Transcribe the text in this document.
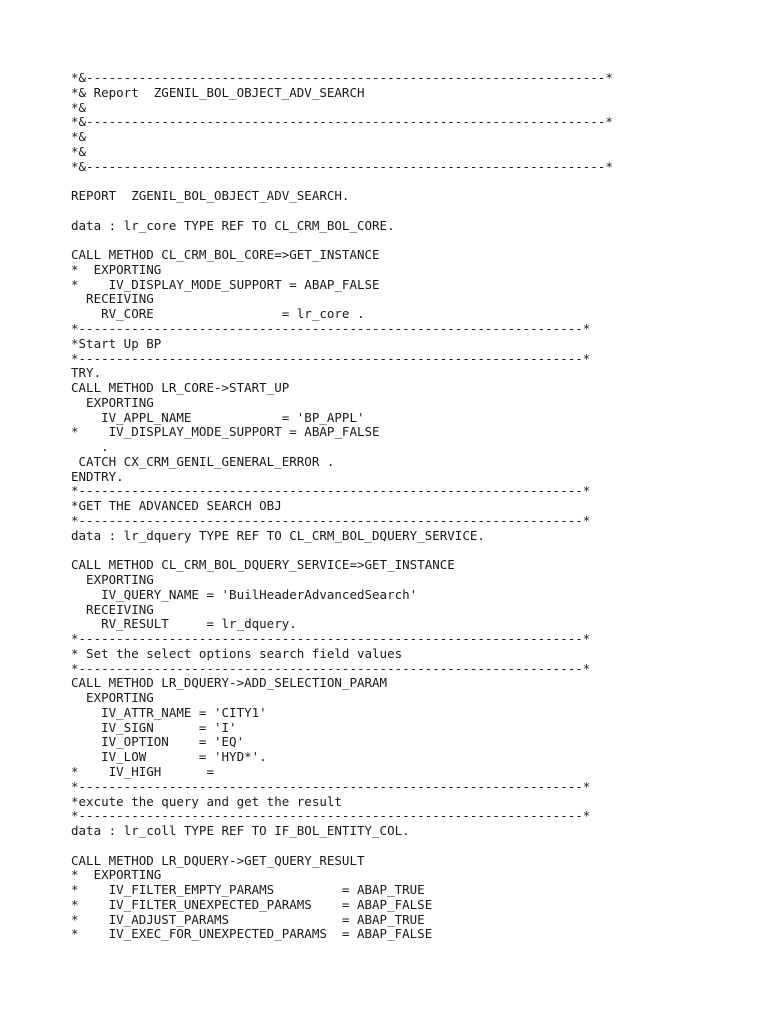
*&---------------------------------------------------------------------*
*& Report  ZGENIL_BOL_OBJECT_ADV_SEARCH
*&
*&---------------------------------------------------------------------*
*&
*&
*&---------------------------------------------------------------------*
REPORT  ZGENIL_BOL_OBJECT_ADV_SEARCH.
data : lr_core TYPE REF TO CL_CRM_BOL_CORE.
CALL METHOD CL_CRM_BOL_CORE=>GET_INSTANCE
*  EXPORTING
*    IV_DISPLAY_MODE_SUPPORT = ABAP_FALSE
RECEIVING
RV_CORE                 = lr_core .
*-------------------------------------------------------------------*
*Start Up BP
*-------------------------------------------------------------------*
TRY.
CALL METHOD LR_CORE->START_UP
EXPORTING
IV_APPL_NAME            = 'BP_APPL'
*    IV_DISPLAY_MODE_SUPPORT = ABAP_FALSE
.
CATCH CX_CRM_GENIL_GENERAL_ERROR .
ENDTRY.
*-------------------------------------------------------------------*
*GET THE ADVANCED SEARCH OBJ
*-------------------------------------------------------------------*
data : lr_dquery TYPE REF TO CL_CRM_BOL_DQUERY_SERVICE.
CALL METHOD CL_CRM_BOL_DQUERY_SERVICE=>GET_INSTANCE
EXPORTING
IV_QUERY_NAME = 'BuilHeaderAdvancedSearch'
RECEIVING
RV_RESULT     = lr_dquery.
*-------------------------------------------------------------------*
* Set the select options search field values
*-------------------------------------------------------------------*
CALL METHOD LR_DQUERY->ADD_SELECTION_PARAM
EXPORTING
IV_ATTR_NAME = 'CITY1'
IV_SIGN      = 'I'
IV_OPTION    = 'EQ'
IV_LOW       = 'HYD*'.
*    IV_HIGH      =
*-------------------------------------------------------------------*
*excute the query and get the result
*-------------------------------------------------------------------*
data : lr_coll TYPE REF TO IF_BOL_ENTITY_COL.
CALL METHOD LR_DQUERY->GET_QUERY_RESULT
*  EXPORTING
*    IV_FILTER_EMPTY_PARAMS         = ABAP_TRUE
*    IV_FILTER_UNEXPECTED_PARAMS    = ABAP_FALSE
*    IV_ADJUST_PARAMS               = ABAP_TRUE
*    IV_EXEC_FOR_UNEXPECTED_PARAMS  = ABAP_FALSE
